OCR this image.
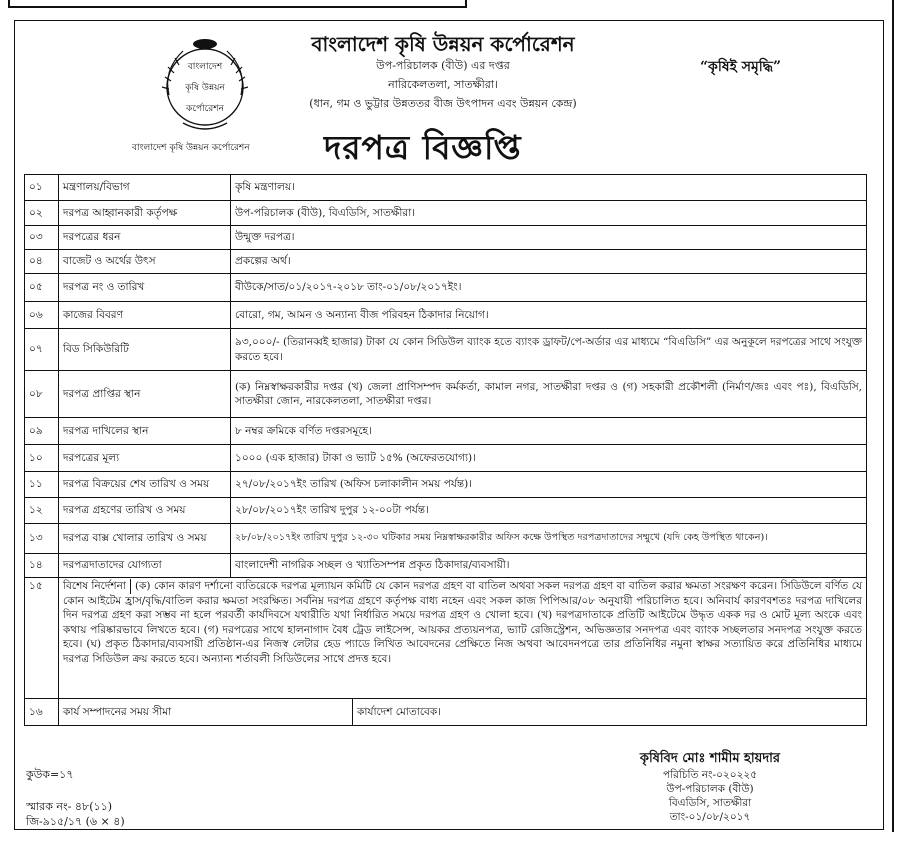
বাংলাদেশ
কৃষি উন্নয়ন
কর্পোরেশন
বাংলাদেশ কৃষি উন্নয়ন কর্পোরেশন
বাংলাদেশ কৃষি উন্নয়ন কর্পোরেশন
উপ-পরিচালক (বীউ) এর দপ্তর
নারিকেলতলা, সাতক্ষীরা।
(ধান, গম ও ভুট্টার উন্নততর বীজ উৎপাদন এবং উন্নয়ন কেন্দ্র)
“কৃষিই সমৃদ্ধি”
দরপত্র বিজ্ঞপ্তি
০১	মন্ত্রণালয়/বিভাগ	কৃষি মন্ত্রণালয়।	
০২	দরপত্র আহ্বানকারী কর্তৃপক্ষ	উপ-পরিচালক (বীউ), বিএডিসি, সাতক্ষীরা।	
০৩	দরপত্রের ধরন	উন্মুক্ত দরপত্র।	
০৪	বাজেট ও অর্থের উৎস	প্রকল্পের অর্থ।	
০৫	দরপত্র নং ও তারিখ	বীউকে/সাত/০১/২০১৭-২০১৮ তাং-০১/০৮/২০১৭ইং।	
০৬	কাজের বিবরণ	বোরো, গম, আমন ও অন্যান্য বীজ পরিবহন ঠিকাদার নিয়োগ।	
০৭	বিড সিকিউরিটি	৯৩,০০০/- (তিরানব্বই হাজার) টাকা যে কোন সিডিউল ব্যাংক হতে ব্যাংক ড্রাফট/পে-অর্ডার এর মাধ্যমে “বিএডিসি” এর অনুকূলে দরপত্রের সাথে সংযুক্ত করতে হবে।	
০৮	দরপত্র প্রাপ্তির স্থান	(ক) নিম্নস্বাক্ষরকারীর দপ্তর (খ) জেলা প্রাণিসম্পদ কর্মকর্তা, কামাল নগর, সাতক্ষীরা দপ্তর ও (গ) সহকারী প্রকৌশলী (নির্মাণ/জঃ এবং পঃ), বিএডিসি, সাতক্ষীরা জোন, নারকেলতলা, সাতক্ষীরা দপ্তর।	
০৯	দরপত্র দাখিলের স্থান	৮ নম্বর ক্রমিকে বর্ণিত দপ্তরসমূহে।	
১০	দরপত্রের মূল্য	১০০০ (এক হাজার) টাকা ও ভ্যাট ১৫% (অফেরতযোগ্য)।	
১১	দরপত্র বিক্রয়ের শেষ তারিখ ও সময়	২৭/০৮/২০১৭ইং তারিখ (অফিস চলাকালীন সময় পর্যন্ত)।	
১২	দরপত্র গ্রহণের তারিখ ও সময়	২৮/০৮/২০১৭ইং তারিখ দুপুর ১২-০০টা পর্যন্ত।	
১৩	দরপত্র বাক্স খোলার তারিখ ও সময়	২৮/০৮/২০১৭ইং তারিখ দুপুর ১২-৩০ ঘটিকার সময় নিম্নস্বাক্ষরকারীর অফিস কক্ষে উপস্থিত দরপত্রদাতাদের সম্মুখে (যদি কেহ উপস্থিত থাকেন)।	
১৪	দরপত্রদাতাদের যোগ্যতা	বাংলাদেশী নাগরিক সচ্ছল ও খ্যাতিসম্পন্ন প্রকৃত ঠিকাদার/ব্যবসায়ী।	
১৫	বিশেষ নির্দেশনা (ক) কোন কারণ দর্শানো ব্যতিরেকে দরপত্র মূল্যায়ন কমিটি যে কোন দরপত্র গ্রহণ বা বাতিল অথবা সকল দরপত্র গ্রহণ বা বাতিল করার ক্ষমতা সংরক্ষণ করেন। সিডিউলে বর্ণিত যে কোন আইটেম হ্রাস/বৃদ্ধি/বাতিল করার ক্ষমতা সংরক্ষিত। সর্বনিম্ন দরপত্র গ্রহণে কর্তৃপক্ষ বাধ্য নহেন এবং সকল কাজ পিপিআর/০৮ অনুযায়ী পরিচালিত হবে। অনিবার্য কারণবশতঃ দরপত্র দাখিলের দিন দরপত্র গ্রহণ করা সম্ভব না হলে পরবর্তী কার্যদিবসে যথারীতি যথা নির্ধারিত সময়ে দরপত্র গ্রহণ ও খোলা হবে। (খ) দরপত্রদাতাকে প্রতিটি আইটেমে উদ্ধৃত একক দর ও মোট মূল্য অংকে এবং কথায় পরিষ্কারভাবে লিখতে হবে। (গ) দরপত্রের সাথে হালনাগাদ বৈধ ট্রেড লাইসেন্স, আয়কর প্রত্যয়নপত্র, ভ্যাট রেজিস্ট্রেশন, অভিজ্ঞতার সনদপত্র এবং ব্যাংক সচ্ছলতার সনদপত্র সংযুক্ত করতে হবে। (ঘ) প্রকৃত ঠিকাদার/ব্যবসায়ী প্রতিষ্ঠান-এর নিজস্ব লেটার হেড প্যাডে লিখিত আবেদনের প্রেক্ষিতে নিজ অথবা আবেদনপত্রে তার প্রতিনিধির নমুনা স্বাক্ষর সত্যায়িত করে প্রতিনিধির মাধ্যমে দরপত্র সিডিউল ক্রয় করতে হবে। অন্যান্য শর্তাবলী সিডিউলের সাথে প্রদত্ত হবে।		
১৬	কার্য সম্পাদনের সময় সীমা		কার্যাদেশ মোতাবেক।
কুউক=১৭
স্মারক নং- ৪৮(১১)
জি-৯১৫/১৭ (৬ × ৪)
কৃষিবিদ মোঃ শামীম হায়দার
পরিচিতি নং-০২০২২৫
উপ-পরিচালক (বীউ)
বিএডিসি, সাতক্ষীরা
তাং-০১/০৮/২০১৭
